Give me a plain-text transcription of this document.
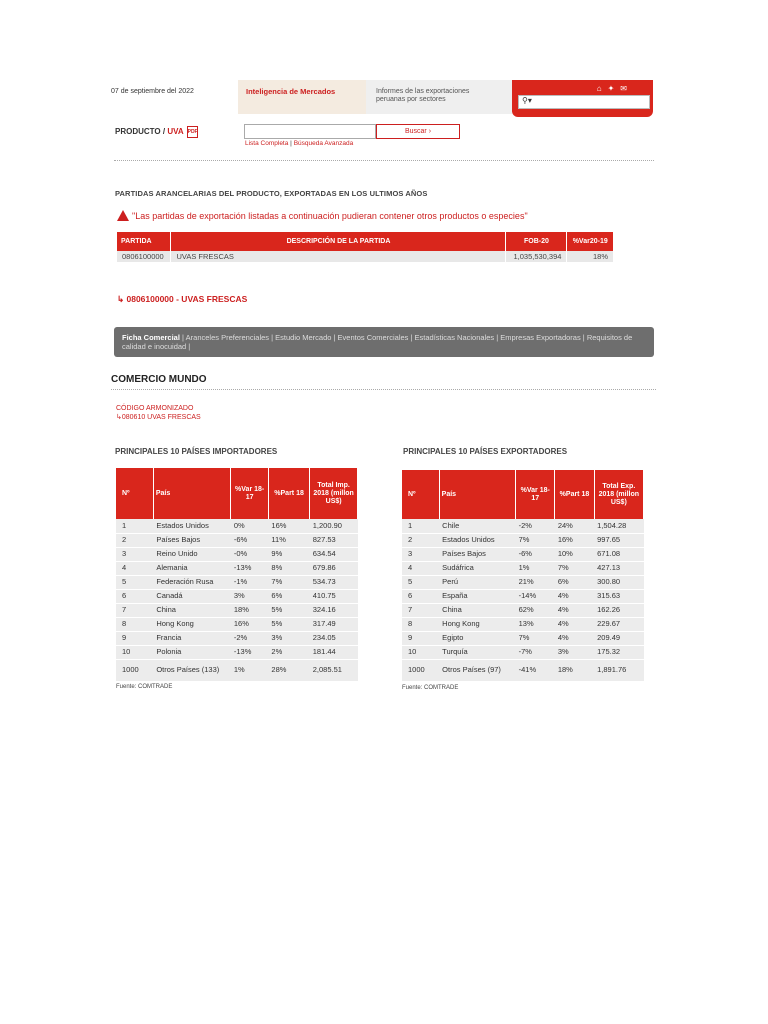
07 de septiembre del 2022	Inteligencia de Mercados	Informes de las exportaciones peruanas por sectores
⌂✦✉
⚲▾
PRODUCTO / UVA PDF	Buscar ›
Lista Completa | Búsqueda Avanzada
PARTIDAS ARANCELARIAS DEL PRODUCTO, EXPORTADAS EN LOS ULTIMOS AÑOS
"Las partidas de exportación listadas a continuación pudieran contener otros productos o especies"
PARTIDA	DESCRIPCIÓN DE LA PARTIDA	FOB-20	%Var20-19
0806100000	UVAS FRESCAS	1,035,530,394	18%
↳ 0806100000 - UVAS FRESCAS
Ficha Comercial | Aranceles Preferenciales | Estudio Mercado | Eventos Comerciales | Estadísticas Nacionales | Empresas Exportadoras | Requisitos de calidad e inocuidad |
COMERCIO MUNDO
CÓDIGO ARMONIZADO
↳080610 UVAS FRESCAS
PRINCIPALES 10 PAÍSES IMPORTADORES	PRINCIPALES 10 PAÍSES EXPORTADORES
Nº	País	%Var 18-17	%Part 18	Total Imp. 2018 (millon US$)
1	Estados Unidos	0%	16%	1,200.90
2	Países Bajos	-6%	11%	827.53
3	Reino Unido	-0%	9%	634.54
4	Alemania	-13%	8%	679.86
5	Federación Rusa	-1%	7%	534.73
6	Canadá	3%	6%	410.75
7	China	18%	5%	324.16
8	Hong Kong	16%	5%	317.49
9	Francia	-2%	3%	234.05
10	Polonia	-13%	2%	181.44
1000	Otros Países (133)	1%	28%	2,085.51
Fuente: COMTRADE
Nº	País	%Var 18-17	%Part 18	Total Exp. 2018 (millon US$)
1	Chile	-2%	24%	1,504.28
2	Estados Unidos	7%	16%	997.65
3	Países Bajos	-6%	10%	671.08
4	Sudáfrica	1%	7%	427.13
5	Perú	21%	6%	300.80
6	España	-14%	4%	315.63
7	China	62%	4%	162.26
8	Hong Kong	13%	4%	229.67
9	Egipto	7%	4%	209.49
10	Turquía	-7%	3%	175.32
1000	Otros Países (97)	-41%	18%	1,891.76
Fuente: COMTRADE
